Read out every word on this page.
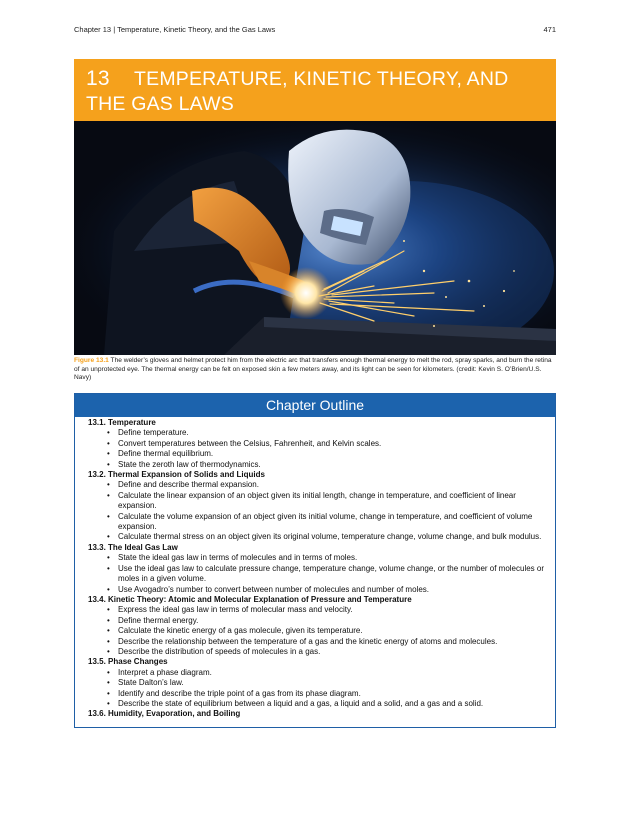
Chapter 13 | Temperature, Kinetic Theory, and the Gas Laws	471
13 TEMPERATURE, KINETIC THEORY, AND
THE GAS LAWS
Figure 13.1 The welder’s gloves and helmet protect him from the electric arc that transfers enough thermal energy to melt the rod, spray sparks, and burn the retina of an unprotected eye. The thermal energy can be felt on exposed skin a few meters away, and its light can be seen for kilometers. (credit: Kevin S. O’Brien/U.S. Navy)
Chapter Outline
13.1. Temperature
• Define temperature.
• Convert temperatures between the Celsius, Fahrenheit, and Kelvin scales.
• Define thermal equilibrium.
• State the zeroth law of thermodynamics.
13.2. Thermal Expansion of Solids and Liquids
• Define and describe thermal expansion.
• Calculate the linear expansion of an object given its initial length, change in temperature, and coefficient of linear expansion.
• Calculate the volume expansion of an object given its initial volume, change in temperature, and coefficient of volume expansion.
• Calculate thermal stress on an object given its original volume, temperature change, volume change, and bulk modulus.
13.3. The Ideal Gas Law
• State the ideal gas law in terms of molecules and in terms of moles.
• Use the ideal gas law to calculate pressure change, temperature change, volume change, or the number of molecules or moles in a given volume.
• Use Avogadro’s number to convert between number of molecules and number of moles.
13.4. Kinetic Theory: Atomic and Molecular Explanation of Pressure and Temperature
• Express the ideal gas law in terms of molecular mass and velocity.
• Define thermal energy.
• Calculate the kinetic energy of a gas molecule, given its temperature.
• Describe the relationship between the temperature of a gas and the kinetic energy of atoms and molecules.
• Describe the distribution of speeds of molecules in a gas.
13.5. Phase Changes
• Interpret a phase diagram.
• State Dalton’s law.
• Identify and describe the triple point of a gas from its phase diagram.
• Describe the state of equilibrium between a liquid and a gas, a liquid and a solid, and a gas and a solid.
13.6. Humidity, Evaporation, and Boiling
